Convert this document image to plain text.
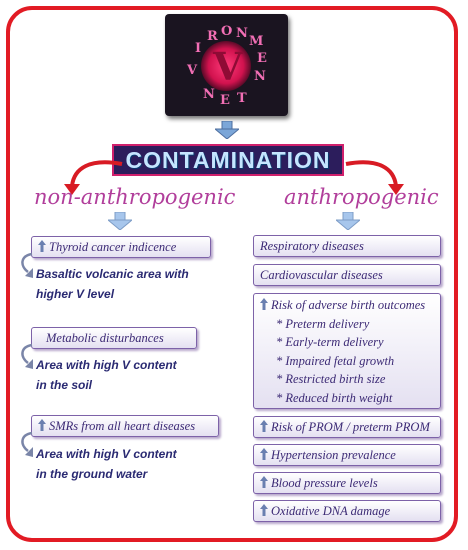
I
R O N
M
E
N
T
E
N
V V
CONTAMINATION
non-anthropogenic anthropogenic
Thyroid cancer indicence
Basaltic volcanic area with
higher V level
Metabolic disturbances
Area with high V content
in the soil
SMRs from all heart diseases
Area with high V content
in the ground water
Respiratory diseases
Cardiovascular diseases
Risk of adverse birth outcomes
* Preterm delivery
* Early-term delivery
* Impaired fetal growth
* Restricted birth size
* Reduced birth weight
Risk of PROM / preterm PROM
Hypertension prevalence
Blood pressure levels
Oxidative DNA damage
